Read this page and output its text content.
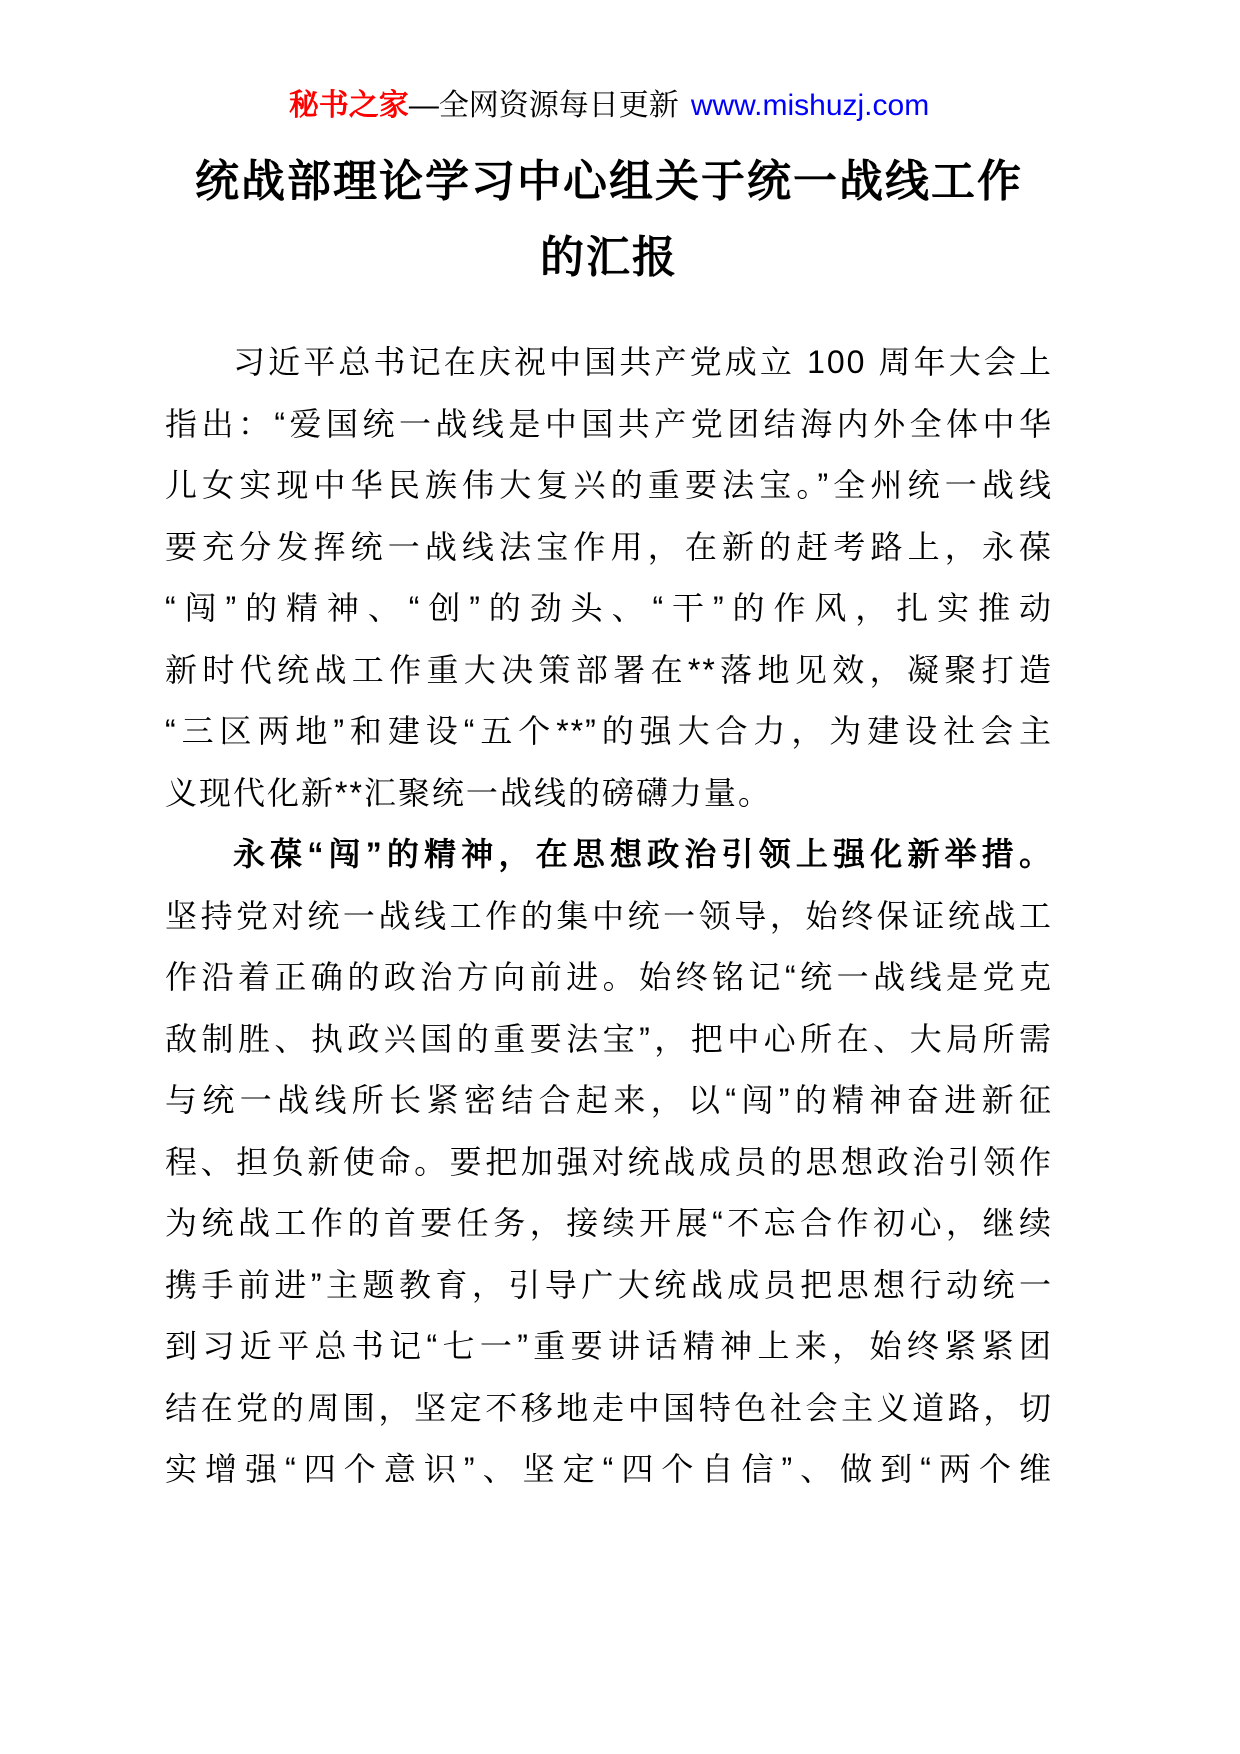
秘书之家—全网资源每日更新 www.mishuzj.com
统战部理论学习中心组关于统一战线工作
的汇报
习近平总书记在庆祝中国共产党成立 100 周年大会上
指出：“爱国统一战线是中国共产党团结海内外全体中华
儿女实现中华民族伟大复兴的重要法宝。”全州统一战线
要充分发挥统一战线法宝作用，在新的赶考路上，永葆
“闯”的精神、“创”的劲头、“干”的作风，扎实推动
新时代统战工作重大决策部署在**落地见效，凝聚打造
“三区两地”和建设“五个**”的强大合力，为建设社会主
义现代化新**汇聚统一战线的磅礴力量。
永葆“闯”的精神，在思想政治引领上强化新举措。
坚持党对统一战线工作的集中统一领导，始终保证统战工
作沿着正确的政治方向前进。始终铭记“统一战线是党克
敌制胜、执政兴国的重要法宝”，把中心所在、大局所需
与统一战线所长紧密结合起来，以“闯”的精神奋进新征
程、担负新使命。要把加强对统战成员的思想政治引领作
为统战工作的首要任务，接续开展“不忘合作初心，继续
携手前进”主题教育，引导广大统战成员把思想行动统一
到习近平总书记“七一”重要讲话精神上来，始终紧紧团
结在党的周围，坚定不移地走中国特色社会主义道路，切
实增强“四个意识”、坚定“四个自信”、做到“两个维
